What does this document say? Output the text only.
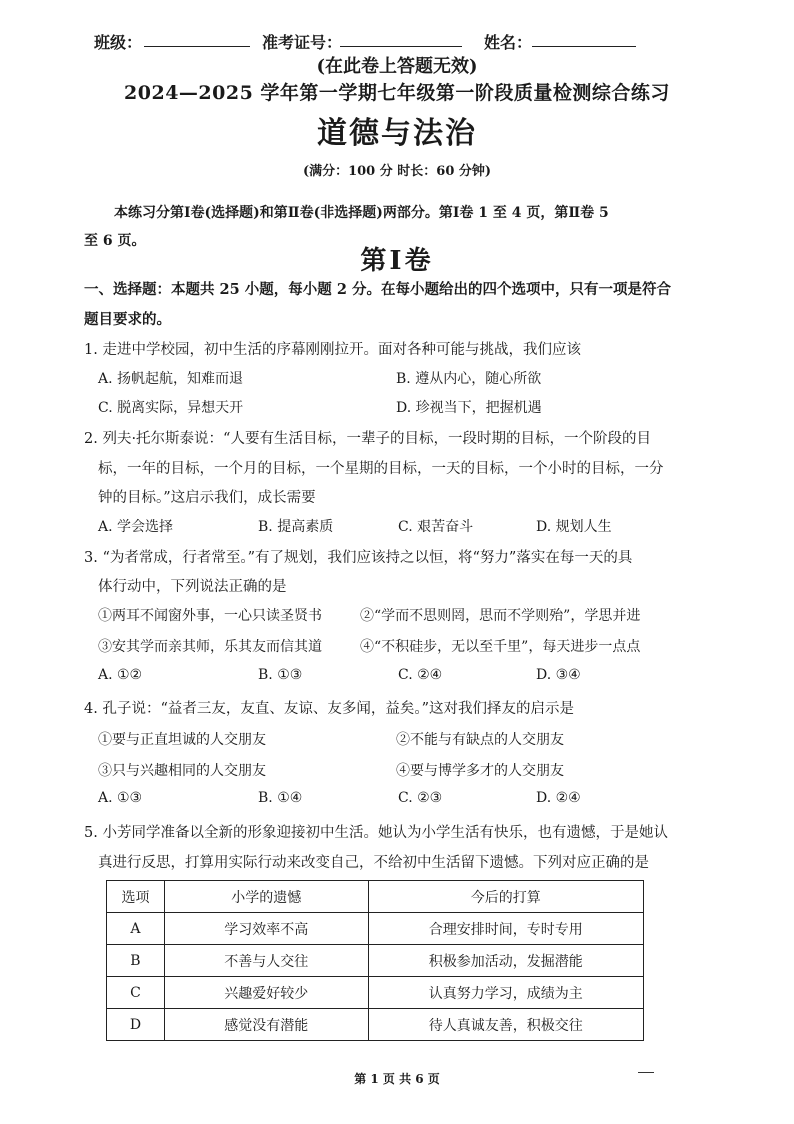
班级：	准考证号：	姓名：
(在此卷上答题无效)
2024—2025 学年第一学期七年级第一阶段质量检测综合练习
道德与法治
(满分：100 分 时长：60 分钟)
本练习分第Ⅰ卷(选择题)和第Ⅱ卷(非选择题)两部分。第Ⅰ卷 1 至 4 页，第Ⅱ卷 5
至 6 页。
第Ⅰ卷
一、选择题：本题共 25 小题，每小题 2 分。在每小题给出的四个选项中，只有一项是符合
题目要求的。
1. 走进中学校园，初中生活的序幕刚刚拉开。面对各种可能与挑战，我们应该
A. 扬帆起航，知难而退	B. 遵从内心，随心所欲
C. 脱离实际，异想天开	D. 珍视当下，把握机遇
2. 列夫·托尔斯泰说：“人要有生活目标，一辈子的目标，一段时期的目标，一个阶段的目
标，一年的目标，一个月的目标，一个星期的目标，一天的目标，一个小时的目标，一分
钟的目标。”这启示我们，成长需要
A. 学会选择	B. 提高素质	C. 艰苦奋斗	D. 规划人生
3. “为者常成，行者常至。”有了规划，我们应该持之以恒，将“努力”落实在每一天的具
体行动中，下列说法正确的是
①两耳不闻窗外事，一心只读圣贤书	②“学而不思则罔，思而不学则殆”，学思并进
③安其学而亲其师，乐其友而信其道	④“不积硅步，无以至千里”，每天进步一点点
A. ①②	B. ①③	C. ②④	D. ③④
4. 孔子说：“益者三友，友直、友谅、友多闻，益矣。”这对我们择友的启示是
①要与正直坦诚的人交朋友	②不能与有缺点的人交朋友
③只与兴趣相同的人交朋友	④要与博学多才的人交朋友
A. ①③	B. ①④	C. ②③	D. ②④
5. 小芳同学准备以全新的形象迎接初中生活。她认为小学生活有快乐，也有遗憾，于是她认
真进行反思，打算用实际行动来改变自己，不给初中生活留下遗憾。下列对应正确的是
选项	小学的遗憾	今后的打算
A	学习效率不高	合理安排时间，专时专用
B	不善与人交往	积极参加活动，发掘潜能
C	兴趣爱好较少	认真努力学习，成绩为主
D	感觉没有潜能	待人真诚友善，积极交往
第 1 页 共 6 页
